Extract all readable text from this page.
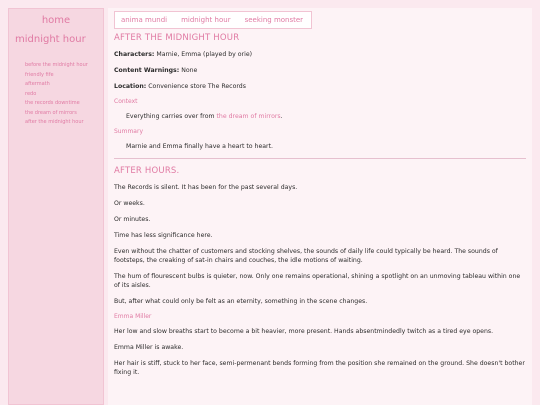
home
midnight hour
before the midnight hour
friendly fife
aftermath
redo
the records downtime
the dream of mirrors
after the midnight hour
anima mundi midnight hour seeking monster
AFTER THE MIDNIGHT HOUR

Characters: Marnie, Emma (played by orie)

Content Warnings: None

Location: Convenience store The Records

Context

Everything carries over from the dream of mirrors.

Summary

Marnie and Emma finally have a heart to heart.

AFTER HOURS.

The Records is silent. It has been for the past several days.

Or weeks.

Or minutes.

Time has less significance here.

Even without the chatter of customers and stocking shelves, the sounds of daily life could typically be heard. The sounds of footsteps, the creaking of sat-in chairs and couches, the idle motions of waiting.

The hum of flourescent bulbs is quieter, now. Only one remains operational, shining a spotlight on an unmoving tableau within one of its aisles.

But, after what could only be felt as an eternity, something in the scene changes.

Emma Miller

Her low and slow breaths start to become a bit heavier, more present. Hands absentmindedly twitch as a tired eye opens.

Emma Miller is awake.

Her hair is stiff, stuck to her face, semi-permenant bends forming from the position she remained on the ground. She doesn't bother fixing it.
